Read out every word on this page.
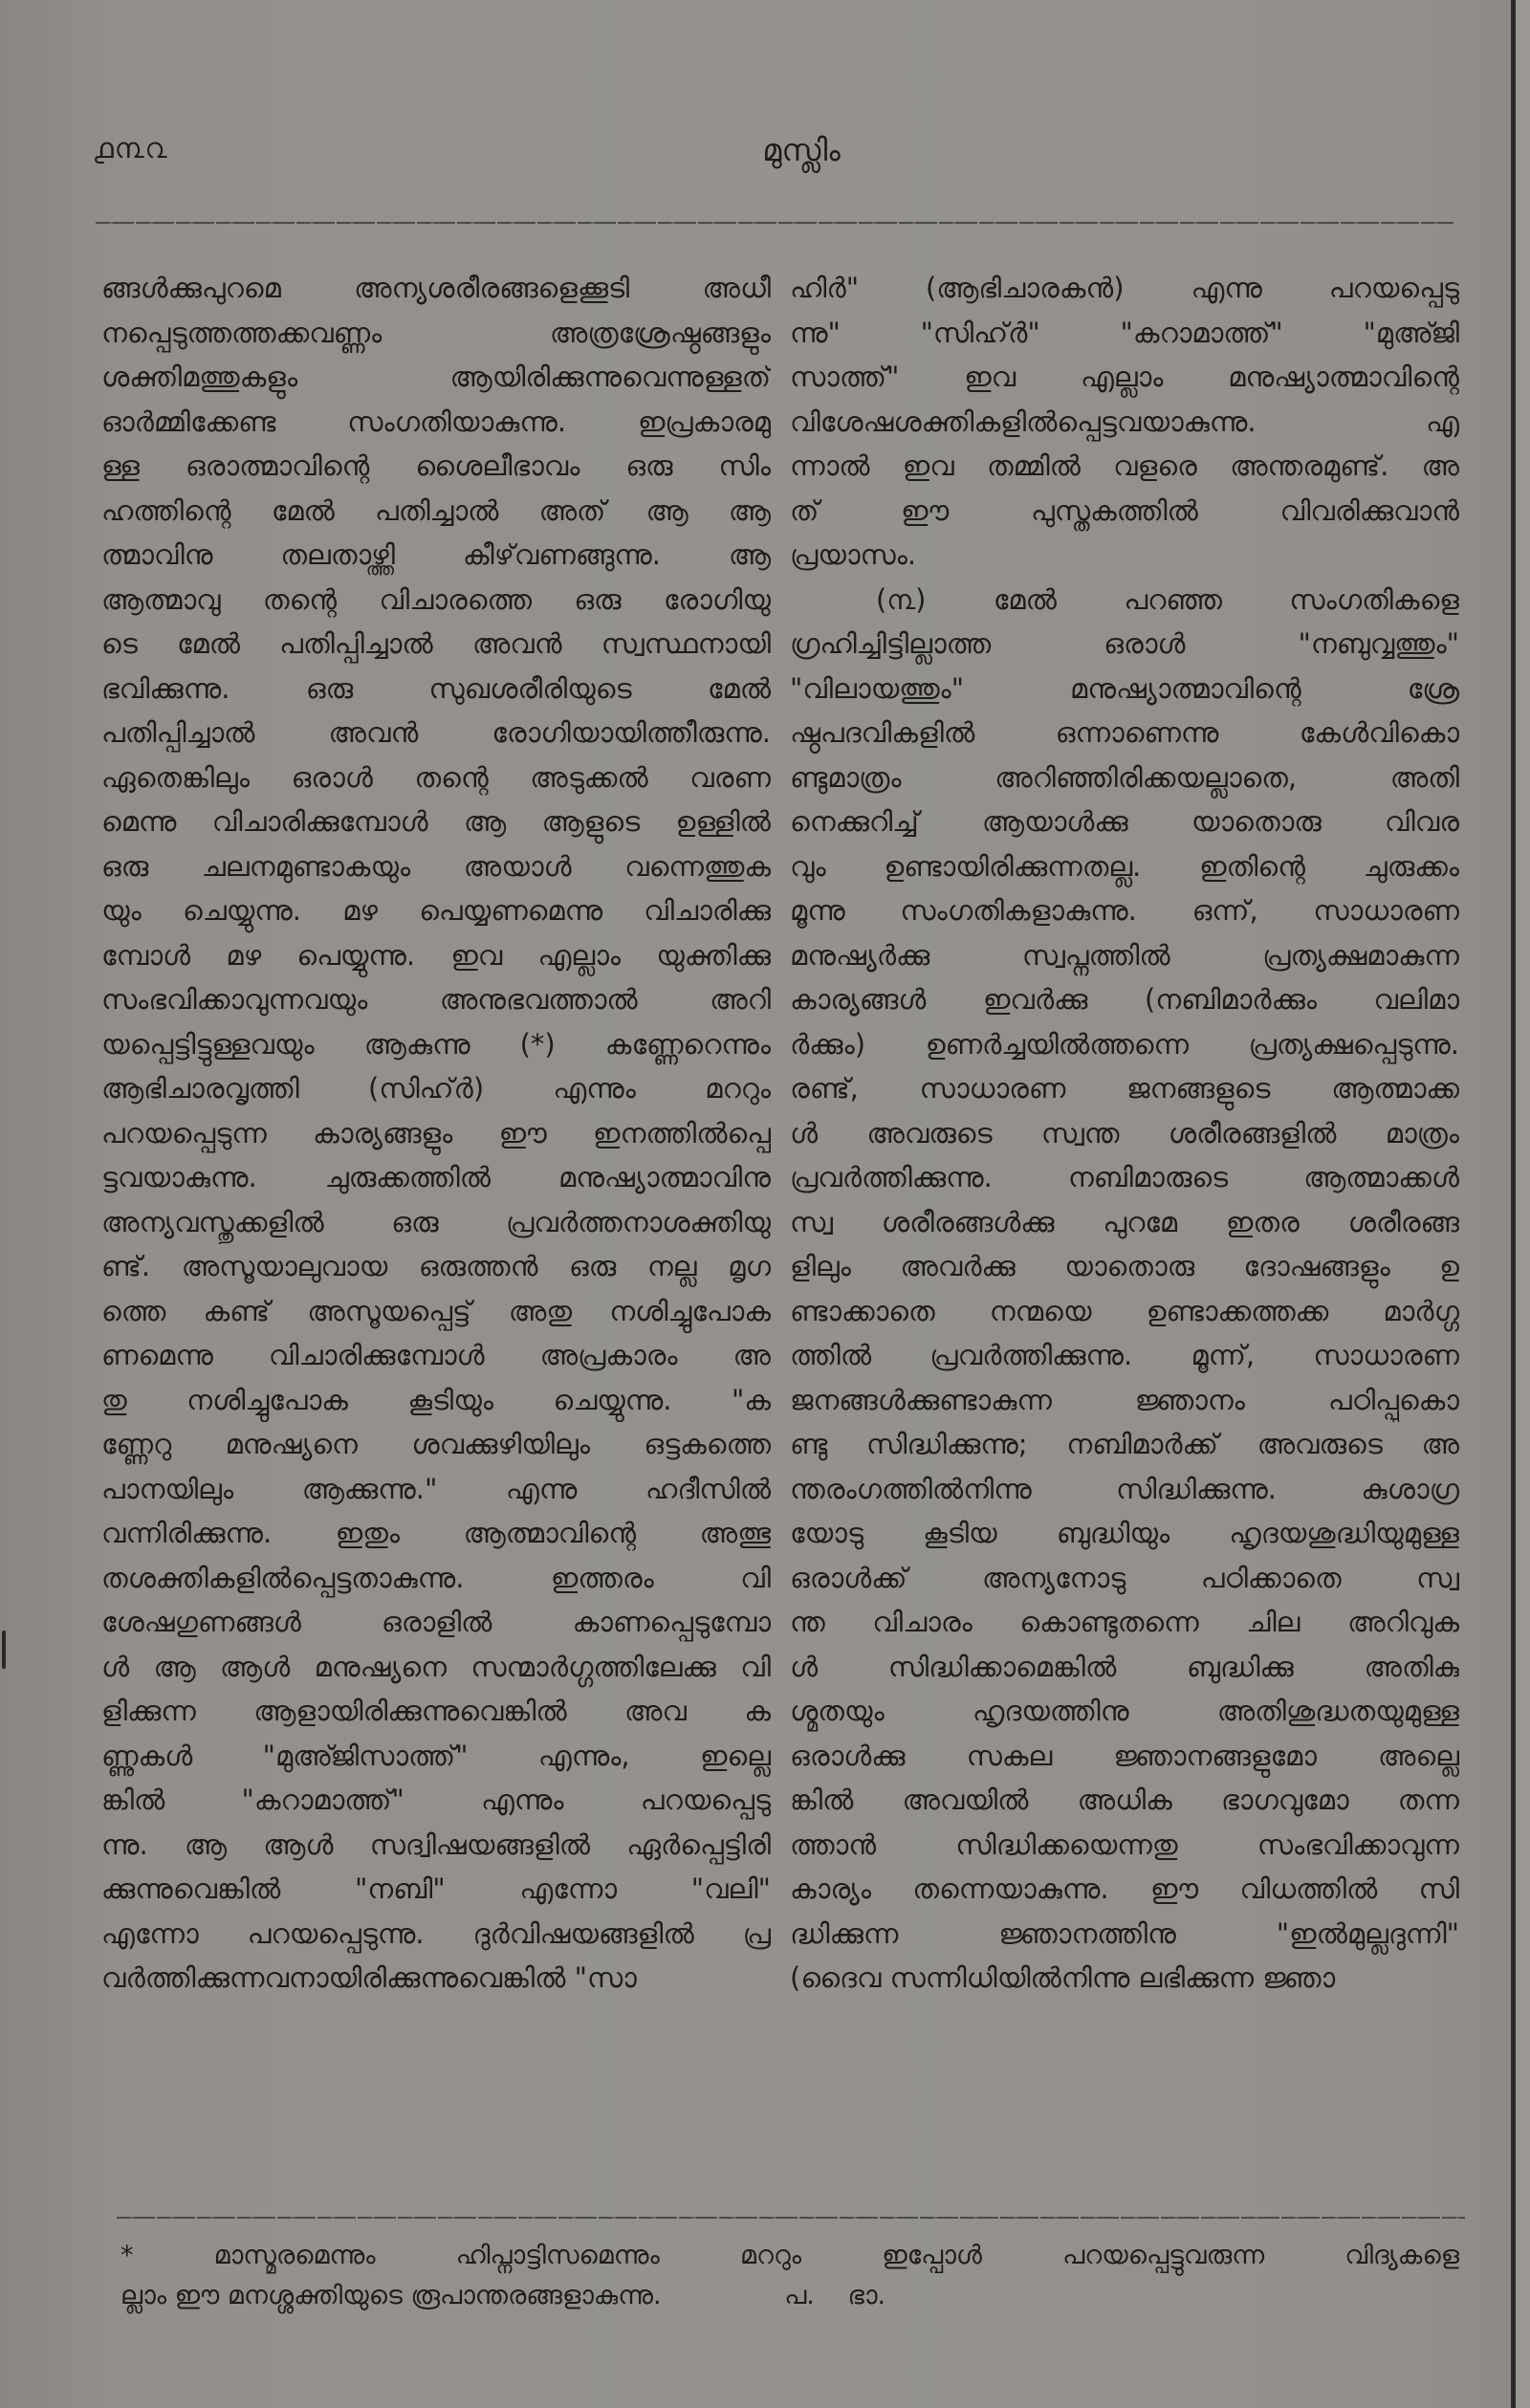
൧൩൨	മുസ്ലിം
ങ്ങൾക്കുപുറമെ അന്യശരീരങ്ങളെക്കൂടി അധീ
നപ്പെടുത്തത്തക്കവണ്ണം അത്രശ്രേഷ്ഠങ്ങളും
ശക്തിമത്തുകളും ആയിരിക്കുന്നുവെന്നുള്ളത്
ഓർമ്മിക്കേണ്ട സംഗതിയാകുന്നു. ഇപ്രകാരമു
ള്ള ഒരാത്മാവിന്റെ ശൈലീഭാവം ഒരു സിം
ഹത്തിന്റെ മേൽ പതിച്ചാൽ അത് ആ ആ
ത്മാവിനു തലതാഴ്ത്തി കീഴ്‌വണങ്ങുന്നു. ആ
ആത്മാവു തന്റെ വിചാരത്തെ ഒരു രോഗിയു
ടെ മേൽ പതിപ്പിച്ചാൽ അവൻ സ്വസ്ഥനായി
ഭവിക്കുന്നു. ഒരു സുഖശരീരിയുടെ മേൽ
പതിപ്പിച്ചാൽ അവൻ രോഗിയായിത്തീരുന്നു.
ഏതെങ്കിലും ഒരാൾ തന്റെ അടുക്കൽ വരണ
മെന്നു വിചാരിക്കുമ്പോൾ ആ ആളുടെ ഉള്ളിൽ
ഒരു ചലനമുണ്ടാകയും അയാൾ വന്നെത്തുക
യും ചെയ്യുന്നു. മഴ പെയ്യണമെന്നു വിചാരിക്കു
മ്പോൾ മഴ പെയ്യുന്നു. ഇവ എല്ലാം യുക്തിക്കു
സംഭവിക്കാവുന്നവയും അനുഭവത്താൽ അറി
യപ്പെട്ടിട്ടുള്ളവയും ആകുന്നു (*) കണ്ണേറെന്നും
ആഭിചാരവൃത്തി (സിഹ്‌ർ) എന്നും മററും
പറയപ്പെടുന്ന കാര്യങ്ങളും ഈ ഇനത്തിൽപ്പെ
ട്ടവയാകുന്നു. ചുരുക്കത്തിൽ മനുഷ്യാത്മാവിനു
അന്യവസ്തുക്കളിൽ ഒരു പ്രവർത്തനാശക്തിയു
ണ്ട്. അസൂയാലുവായ ഒരുത്തൻ ഒരു നല്ല മൃഗ
ത്തെ കണ്ട് അസൂയപ്പെട്ട് അതു നശിച്ചുപോക
ണമെന്നു വിചാരിക്കുമ്പോൾ അപ്രകാരം അ
തു നശിച്ചുപോക കൂടിയും ചെയ്യുന്നു. "ക
ണ്ണേറു മനുഷ്യനെ ശവക്കുഴിയിലും ഒട്ടകത്തെ
പാനയിലും ആക്കുന്നു." എന്നു ഹദീസിൽ
വന്നിരിക്കുന്നു. ഇതും ആത്മാവിന്റെ അത്ഭു
തശക്തികളിൽപ്പെട്ടതാകുന്നു. ഇത്തരം വി
ശേഷഗുണങ്ങൾ ഒരാളിൽ കാണപ്പെടുമ്പോ
ൾ ആ ആൾ മനുഷ്യനെ സന്മാർഗ്ഗത്തിലേക്കു വി
ളിക്കുന്ന ആളായിരിക്കുന്നുവെങ്കിൽ അവ ക
ണ്ണുകൾ "മുഅ്ജിസാത്ത്" എന്നും, ഇല്ലെ
ങ്കിൽ "കറാമാത്ത്" എന്നും പറയപ്പെടു
ന്നു. ആ ആൾ സദ്വിഷയങ്ങളിൽ ഏർപ്പെട്ടിരി
ക്കുന്നുവെങ്കിൽ "നബി" എന്നോ "വലി"
എന്നോ പറയപ്പെടുന്നു. ദുർവിഷയങ്ങളിൽ പ്ര
വർത്തിക്കുന്നവനായിരിക്കുന്നുവെങ്കിൽ "സാ
ഹിർ" (ആഭിചാരകൻ) എന്നു പറയപ്പെടു
ന്നു" "സിഹ്‌ർ" "കറാമാത്ത്" "മുഅ്ജി
സാത്ത്" ഇവ എല്ലാം മനുഷ്യാത്മാവിന്റെ
വിശേഷശക്തികളിൽപ്പെട്ടവയാകുന്നു. എ
ന്നാൽ ഇവ തമ്മിൽ വളരെ അന്തരമുണ്ട്. അ
ത് ഈ പുസ്തകത്തിൽ വിവരിക്കുവാൻ
പ്രയാസം.
(൩) മേൽ പറഞ്ഞ സംഗതികളെ
ഗ്രഹിച്ചിട്ടില്ലാത്ത ഒരാൾ "നബുവ്വത്തും"
"വിലായത്തും" മനുഷ്യാത്മാവിന്റെ ശ്രേ
ഷ്ഠപദവികളിൽ ഒന്നാണെന്നു കേൾവികൊ
ണ്ടുമാത്രം അറിഞ്ഞിരിക്കയല്ലാതെ, അതി
നെക്കുറിച്ച് ആയാൾക്കു യാതൊരു വിവര
വും ഉണ്ടായിരിക്കുന്നതല്ല. ഇതിന്റെ ചുരുക്കം
മൂന്നു സംഗതികളാകുന്നു. ഒന്ന്, സാധാരണ
മനുഷ്യർക്കു സ്വപ്നത്തിൽ പ്രത്യക്ഷമാകുന്ന
കാര്യങ്ങൾ ഇവർക്കു (നബിമാർക്കും വലിമാ
ർക്കും) ഉണർച്ചയിൽത്തന്നെ പ്രത്യക്ഷപ്പെടുന്നു.
രണ്ട്, സാധാരണ ജനങ്ങളുടെ ആത്മാക്ക
ൾ അവരുടെ സ്വന്ത ശരീരങ്ങളിൽ മാത്രം
പ്രവർത്തിക്കുന്നു. നബിമാരുടെ ആത്മാക്കൾ
സ്വ ശരീരങ്ങൾക്കു പുറമേ ഇതര ശരീരങ്ങ
ളിലും അവർക്കു യാതൊരു ദോഷങ്ങളും ഉ
ണ്ടാക്കാതെ നന്മയെ ഉണ്ടാക്കത്തക്ക മാർഗ്ഗ
ത്തിൽ പ്രവർത്തിക്കുന്നു. മൂന്ന്, സാധാരണ
ജനങ്ങൾക്കുണ്ടാകുന്ന ജ്ഞാനം പഠിപ്പുകൊ
ണ്ടു സിദ്ധിക്കുന്നു; നബിമാർക്ക് അവരുടെ അ
ന്തരംഗത്തിൽനിന്നു സിദ്ധിക്കുന്നു. കുശാഗ്ര
യോടു കൂടിയ ബുദ്ധിയും ഹൃദയശുദ്ധിയുമുള്ള
ഒരാൾക്ക് അന്യനോടു പഠിക്കാതെ സ്വ
ന്ത വിചാരം കൊണ്ടുതന്നെ ചില അറിവുക
ൾ സിദ്ധിക്കാമെങ്കിൽ ബുദ്ധിക്കു അതികു
ശ്മതയും ഹൃദയത്തിനു അതിശുദ്ധതയുമുള്ള
ഒരാൾക്കു സകല ജ്ഞാനങ്ങളുമോ അല്ലെ
ങ്കിൽ അവയിൽ അധിക ഭാഗവുമോ തന്ന
ത്താൻ സിദ്ധിക്കയെന്നതു സംഭവിക്കാവുന്ന
കാര്യം തന്നെയാകുന്നു. ഈ വിധത്തിൽ സി
ദ്ധിക്കുന്ന ജ്ഞാനത്തിനു "ഇൽമുല്ലദുന്നി"
(ദൈവ സന്നിധിയിൽനിന്നു ലഭിക്കുന്ന ജ്ഞാ
* മാസ്മരമെന്നും ഹിപ്നാട്ടിസമെന്നും മററും ഇപ്പോൾ പറയപ്പെട്ടുവരുന്ന വിദ്യകളെ
ല്ലാം ഈ മനശ്ശക്തിയുടെ രൂപാന്തരങ്ങളാകുന്നു.	പ. ഭാ.
